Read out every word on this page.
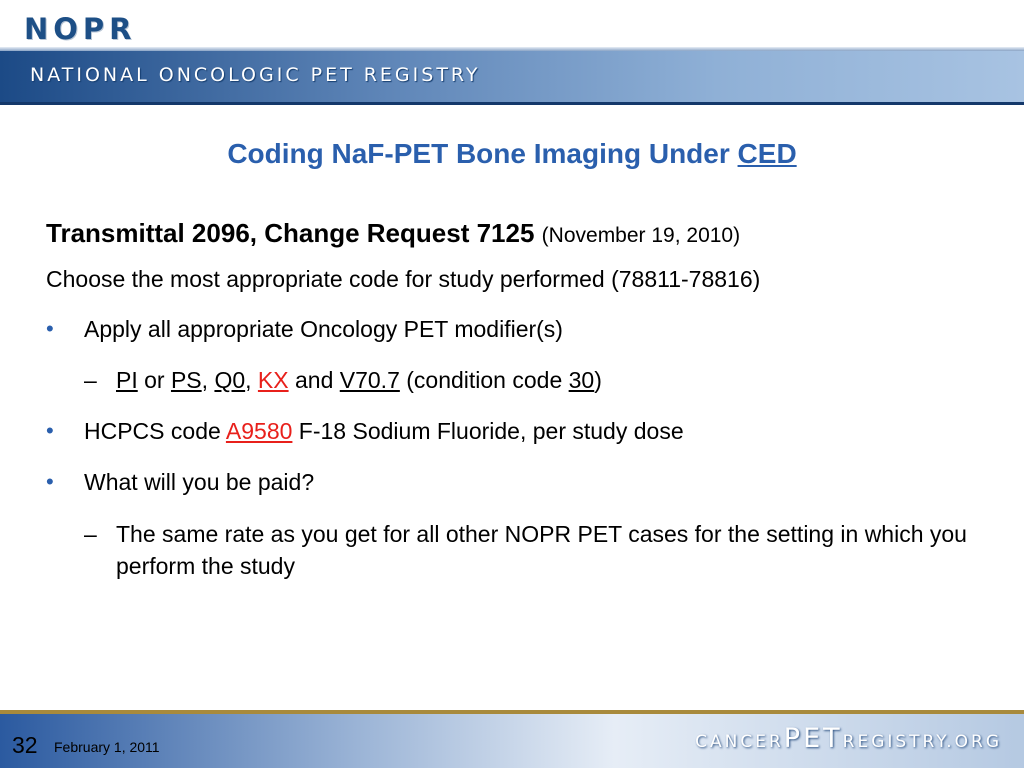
NOPR
NATIONAL ONCOLOGIC PET REGISTRY
Coding NaF-PET Bone Imaging Under CED
Transmittal 2096, Change Request 7125 (November 19, 2010)
Choose the most appropriate code for study performed (78811-78816)
• Apply all appropriate Oncology PET modifier(s)
– PI or PS, Q0, KX and V70.7 (condition code 30)
• HCPCS code A9580 F-18 Sodium Fluoride, per study dose
• What will you be paid?
– The same rate as you get for all other NOPR PET cases for the setting in which you perform the study
32 February 1, 2011	CANCERPETREGISTRY.ORG
